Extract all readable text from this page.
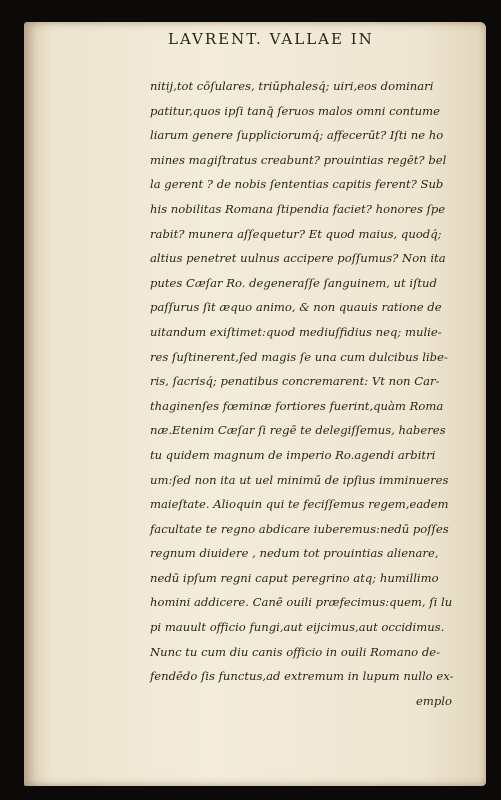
LAVRENT. VALLAE IN
nitij,tot cōſulares, triūphalesq́; uiri,eos dominari
patitur,quos ipſi tanq̄ ſeruos malos omni contume
liarum genere ſuppliciorumq́; affecerūt? Iſti ne ho
mines magiſtratus creabunt? prouintias regēt? bel
la gerent ? de nobis ſententias capitis ferent? Sub
his nobilitas Romana ſtipendia faciet? honores ſpe
rabit? munera aſſequetur? Et quod maius, quodq́;
altius penetret uulnus accipere poſſumus? Non ita
putes Cæſar Ro. degeneraſſe ſanguinem, ut iſtud
paſſurus ſit æquo animo, & non quauis ratione de
uitandum exiſtimet:quod mediuſfidius neq; mulie-
res ſuſtinerent,ſed magis ſe una cum dulcibus libe-
ris, ſacrisq́; penatibus concremarent: Vt non Car-
thaginenſes fœminæ fortiores fuerint,quàm Roma
næ.Etenim Cæſar ſi regē te delegiſſemus, haberes
tu quidem magnum de imperio Ro.agendi arbitri
um:ſed non ita ut uel minimū de ipſius imminueres
maieſtate. Alioquin qui te feciſſemus regem,eadem
facultate te regno abdicare iuberemus:nedū poſſes
regnum diuidere , nedum tot prouintias alienare,
nedū ipſum regni caput peregrino atq; humillimo
homini addicere. Canē ouili præfecimus:quem, ſi lu
pi mauult officio fungi,aut eijcimus,aut occidimus.
Nunc tu cum diu canis officio in ouili Romano de-
fendēdo ſis functus,ad extremum in lupum nullo ex-
emplo
